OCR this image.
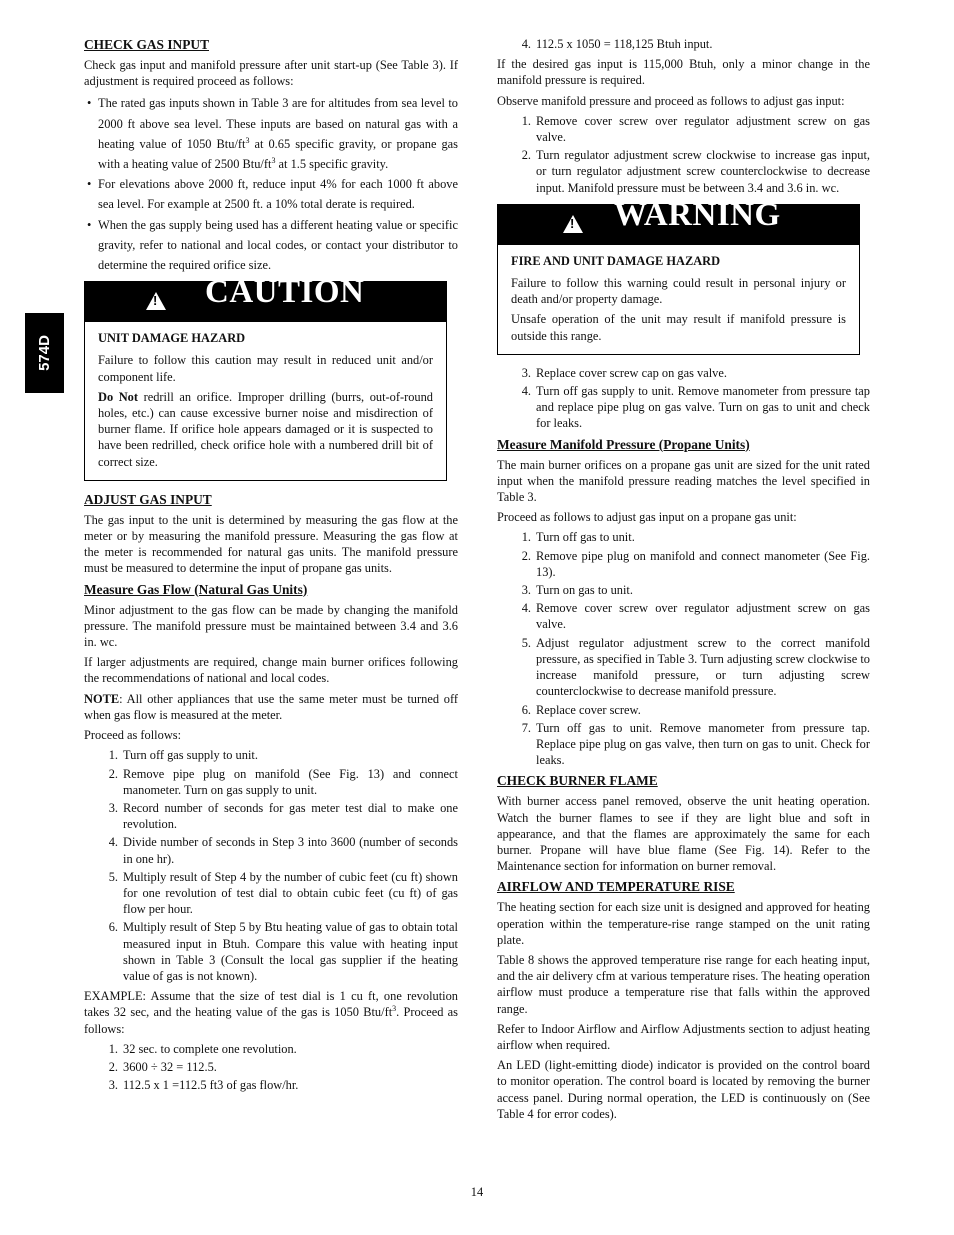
574D
CHECK GAS INPUT

Check gas input and manifold pressure after unit start-up (See Table 3). If adjustment is required proceed as follows:

• The rated gas inputs shown in Table 3 are for altitudes from sea level to 2000 ft above sea level. These inputs are based on natural gas with a heating value of 1050 Btu/$ft^3$ at 0.65 specific gravity, or propane gas with a heating value of 2500 Btu/$ft^3$ at 1.5 specific gravity.
• For elevations above 2000 ft, reduce input 4% for each 1000 ft above sea level. For example at 2500 ft. a 10% total derate is required.
• When the gas supply being used has a different heating value or specific gravity, refer to national and local codes, or contact your distributor to determine the required orifice size.
!
CAUTION
UNIT DAMAGE HAZARD

Failure to follow this caution may result in reduced unit and/or component life.

Do Not redrill an orifice. Improper drilling (burrs, out-of-round holes, etc.) can cause excessive burner noise and misdirection of burner flame. If orifice hole appears damaged or it is suspected to have been redrilled, check orifice hole with a numbered drill bit of correct size.

ADJUST GAS INPUT

The gas input to the unit is determined by measuring the gas flow at the meter or by measuring the manifold pressure. Measuring the gas flow at the meter is recommended for natural gas units. The manifold pressure must be measured to determine the input of propane gas units.

Measure Gas Flow (Natural Gas Units)

Minor adjustment to the gas flow can be made by changing the manifold pressure. The manifold pressure must be maintained between 3.4 and 3.6 in. wc.

If larger adjustments are required, change main burner orifices following the recommendations of national and local codes.

NOTE: All other appliances that use the same meter must be turned off when gas flow is measured at the meter.

Proceed as follows:

1. Turn off gas supply to unit.
2. Remove pipe plug on manifold (See Fig. 13) and connect manometer. Turn on gas supply to unit.
3. Record number of seconds for gas meter test dial to make one revolution.
4. Divide number of seconds in Step 3 into 3600 (number of seconds in one hr).
5. Multiply result of Step 4 by the number of cubic feet (cu ft) shown for one revolution of test dial to obtain cubic feet (cu ft) of gas flow per hour.
6. Multiply result of Step 5 by Btu heating value of gas to obtain total measured input in Btuh. Compare this value with heating input shown in Table 3 (Consult the local gas supplier if the heating value of gas is not known).

EXAMPLE: Assume that the size of test dial is 1 cu ft, one revolution takes 32 sec, and the heating value of the gas is 1050 Btu/$ft^3$. Proceed as follows:

1. 32 sec. to complete one revolution.
2. 3600 ÷ 32 = 112.5.
3. 112.5 x 1 =112.5 ft3 of gas flow/hr.
4. 112.5 x 1050 = 118,125 Btuh input.

If the desired gas input is 115,000 Btuh, only a minor change in the manifold pressure is required.

Observe manifold pressure and proceed as follows to adjust gas input:

1. Remove cover screw over regulator adjustment screw on gas valve.
2. Turn regulator adjustment screw clockwise to increase gas input, or turn regulator adjustment screw counterclockwise to decrease input. Manifold pressure must be between 3.4 and 3.6 in. wc.
!
WARNING
FIRE AND UNIT DAMAGE HAZARD

Failure to follow this warning could result in personal injury or death and/or property damage.

Unsafe operation of the unit may result if manifold pressure is outside this range.

3. Replace cover screw cap on gas valve.
4. Turn off gas supply to unit. Remove manometer from pressure tap and replace pipe plug on gas valve. Turn on gas to unit and check for leaks.
Measure Manifold Pressure (Propane Units)

The main burner orifices on a propane gas unit are sized for the unit rated input when the manifold pressure reading matches the level specified in Table 3.

Proceed as follows to adjust gas input on a propane gas unit:

1. Turn off gas to unit.
2. Remove pipe plug on manifold and connect manometer (See Fig. 13).
3. Turn on gas to unit.
4. Remove cover screw over regulator adjustment screw on gas valve.
5. Adjust regulator adjustment screw to the correct manifold pressure, as specified in Table 3. Turn adjusting screw clockwise to increase manifold pressure, or turn adjusting screw counterclockwise to decrease manifold pressure.
6. Replace cover screw.
7. Turn off gas to unit. Remove manometer from pressure tap. Replace pipe plug on gas valve, then turn on gas to unit. Check for leaks.
CHECK BURNER FLAME

With burner access panel removed, observe the unit heating operation. Watch the burner flames to see if they are light blue and soft in appearance, and that the flames are approximately the same for each burner. Propane will have blue flame (See Fig. 14). Refer to the Maintenance section for information on burner removal.

AIRFLOW AND TEMPERATURE RISE

The heating section for each size unit is designed and approved for heating operation within the temperature-rise range stamped on the unit rating plate.

Table 8 shows the approved temperature rise range for each heating input, and the air delivery cfm at various temperature rises. The heating operation airflow must produce a temperature rise that falls within the approved range.

Refer to Indoor Airflow and Airflow Adjustments section to adjust heating airflow when required.

An LED (light-emitting diode) indicator is provided on the control board to monitor operation. The control board is located by removing the burner access panel. During normal operation, the LED is continuously on (See Table 4 for error codes).

14
